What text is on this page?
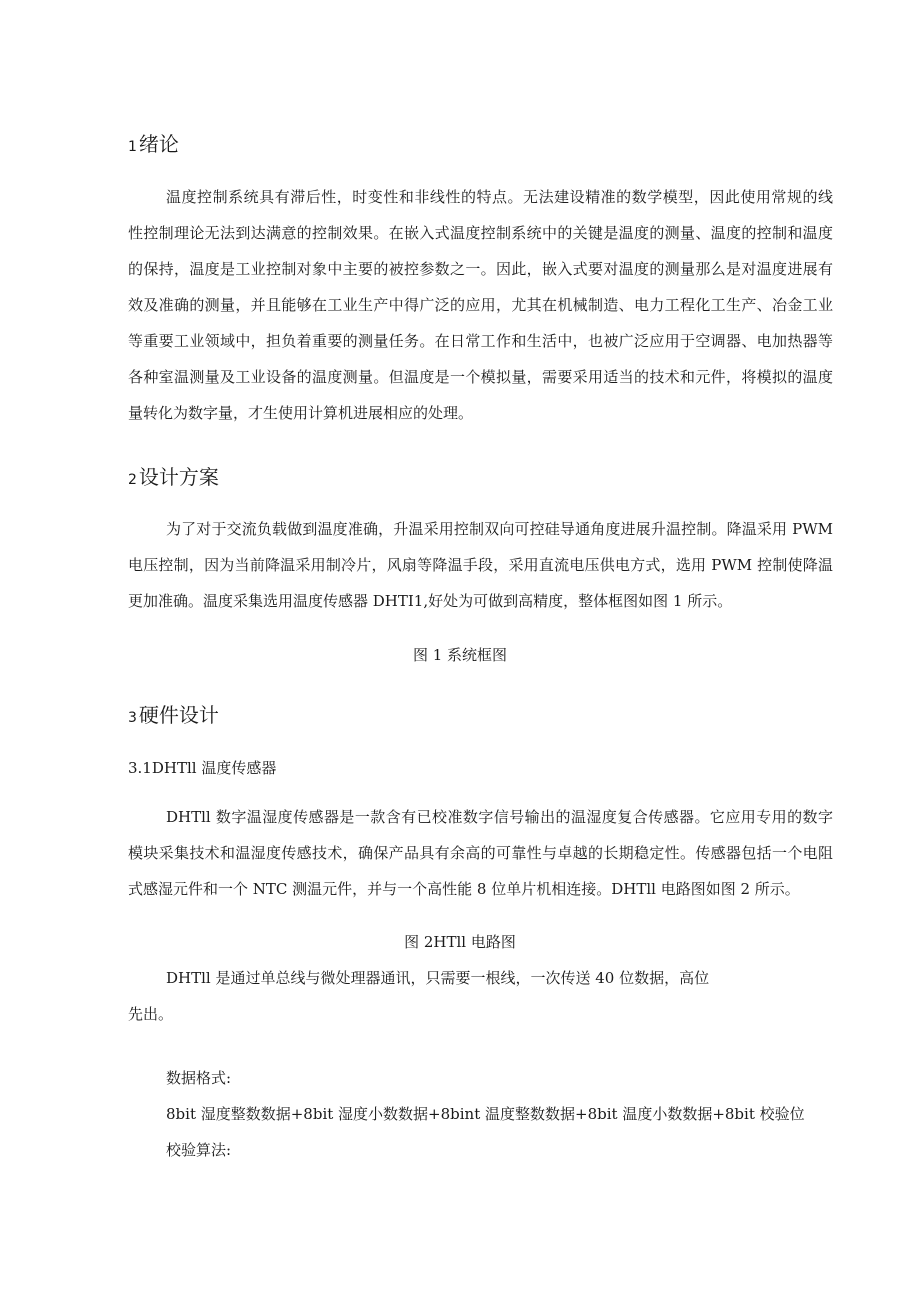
1 绪论
温度控制系统具有滞后性，时变性和非线性的特点。无法建设精准的数学模型，因此使用常规的线
性控制理论无法到达满意的控制效果。在嵌入式温度控制系统中的关键是温度的测量、温度的控制和温度
的保持，温度是工业控制对象中主要的被控参数之一。因此，嵌入式要对温度的测量那么是对温度进展有
效及准确的测量，并且能够在工业生产中得广泛的应用，尤其在机械制造、电力工程化工生产、冶金工业
等重要工业领域中，担负着重要的测量任务。在日常工作和生活中，也被广泛应用于空调器、电加热器等
各种室温测量及工业设备的温度测量。但温度是一个模拟量，需要采用适当的技术和元件，将模拟的温度
量转化为数字量，才生使用计算机进展相应的处理。
2 设计方案
为了对于交流负载做到温度准确，升温采用控制双向可控硅导通角度进展升温控制。降温采用 PWM
电压控制，因为当前降温采用制冷片，风扇等降温手段，采用直流电压供电方式，选用 PWM 控制使降温
更加准确。温度采集选用温度传感器 DHTI1,好处为可做到高精度，整体框图如图 1 所示。
图 1 系统框图
3 硬件设计
3.1DHTll 温度传感器
DHTll 数字温湿度传感器是一款含有已校准数字信号输出的温湿度复合传感器。它应用专用的数字
模块采集技术和温湿度传感技术，确保产品具有余高的可靠性与卓越的长期稳定性。传感器包括一个电阻
式感湿元件和一个 NTC 测温元件，并与一个高性能 8 位单片机相连接。DHTll 电路图如图 2 所示。
图 2HTll 电路图
DHTll 是通过单总线与微处理器通讯，只需要一根线，一次传送 40 位数据，高位
先出。
数据格式:
8bit 湿度整数数据+8bit 湿度小数数据+8bint 温度整数数据+8bit 温度小数数据+8bit 校验位
校验算法:
